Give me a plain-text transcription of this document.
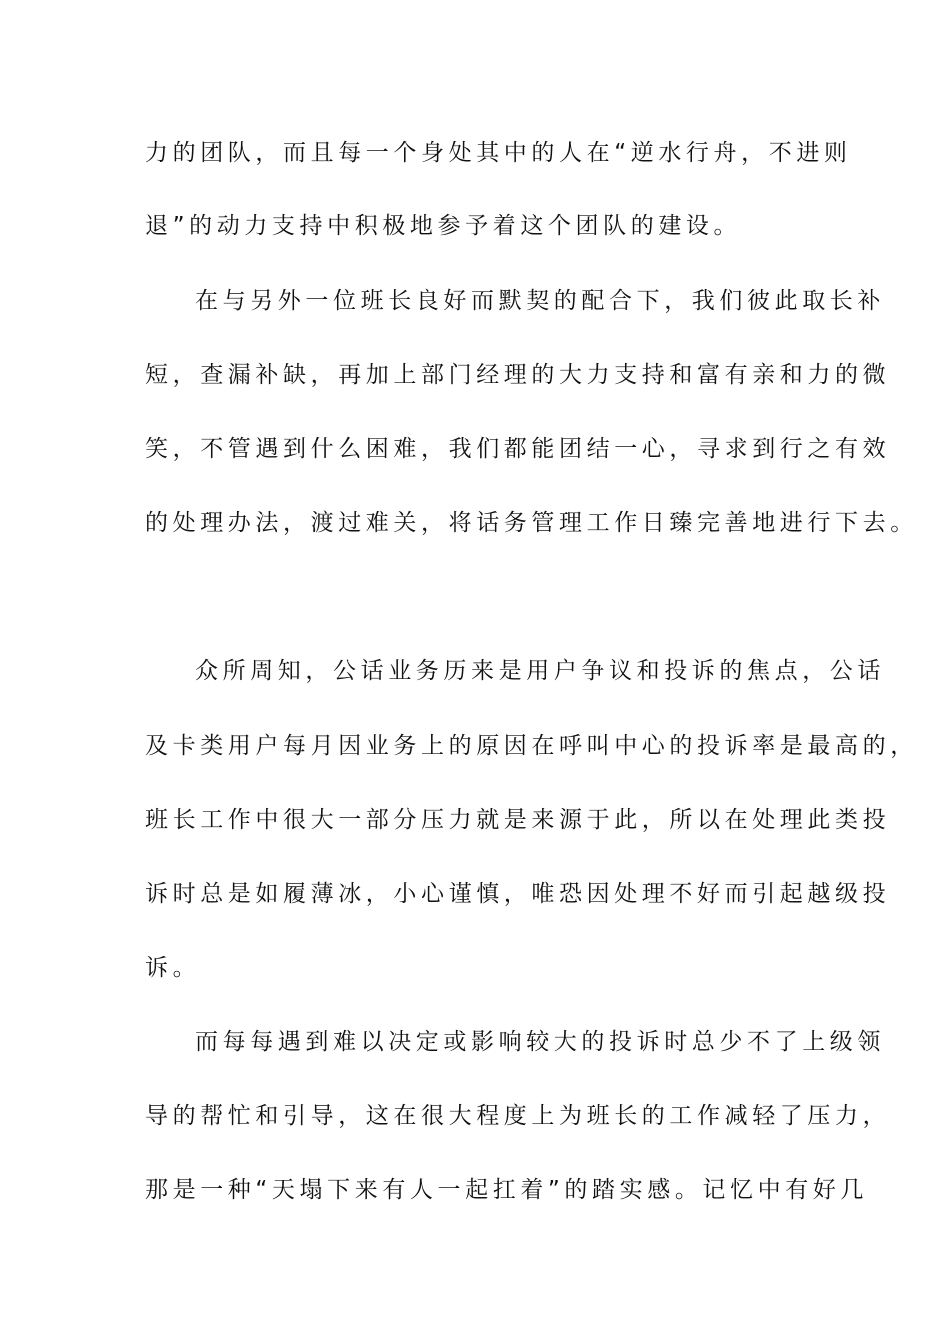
力的团队，而且每一个身处其中的人在“逆水行舟，不进则

退”的动力支持中积极地参予着这个团队的建设。

在与另外一位班长良好而默契的配合下，我们彼此取长补

短，查漏补缺，再加上部门经理的大力支持和富有亲和力的微

笑，不管遇到什么困难，我们都能团结一心，寻求到行之有效

的处理办法，渡过难关，将话务管理工作日臻完善地进行下去。

众所周知，公话业务历来是用户争议和投诉的焦点，公话

及卡类用户每月因业务上的原因在呼叫中心的投诉率是最高的，

班长工作中很大一部分压力就是来源于此，所以在处理此类投

诉时总是如履薄冰，小心谨慎，唯恐因处理不好而引起越级投

诉。

而每每遇到难以决定或影响较大的投诉时总少不了上级领

导的帮忙和引导，这在很大程度上为班长的工作减轻了压力，

那是一种“天塌下来有人一起扛着”的踏实感。记忆中有好几
